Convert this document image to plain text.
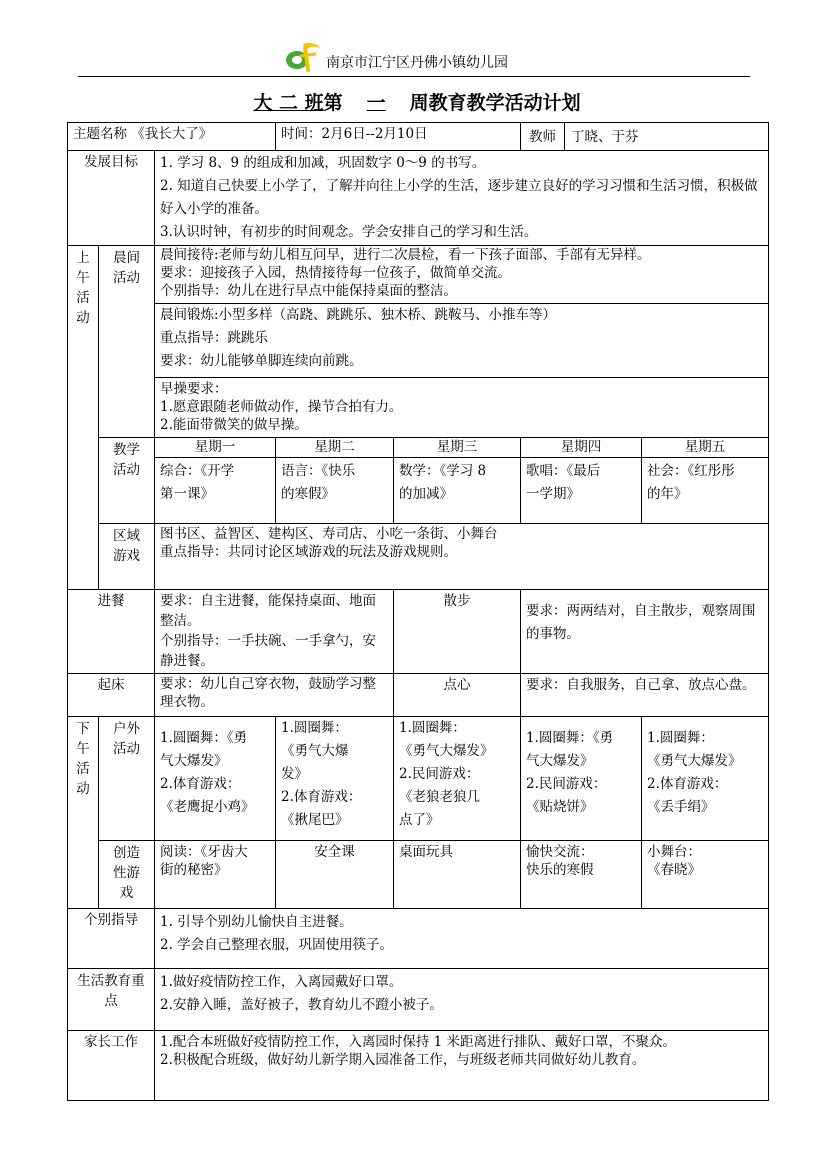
南京市江宁区丹佛小镇幼儿园
大 二 班第 一 周教育教学活动计划
主题名称 《我长大了》			时间：2月6日--2月10日		教师 丁晓、于芬	

发展目标		1. 学习 8、9 的组成和加减，巩固数字 0～9 的书写。
2. 知道自己快要上小学了，了解并向往上小学的生活，逐步建立良好的学习习惯和生活习惯，积极做好入小学的准备。
3.认识时钟，有初步的时间观念。学会安排自己的学习和生活。				

上午活动	晨间活动	晨间接待:老师与幼儿相互问早，进行二次晨检，看一下孩子面部、手部有无异样。
要求：迎接孩子入园，热情接待每一位孩子，做简单交流。
个别指导：幼儿在进行早点中能保持桌面的整洁。				

		晨间锻炼:小型多样（高跷、跳跳乐、独木桥、跳鞍马、小推车等）
重点指导：跳跳乐
要求：幼儿能够单脚连续向前跳。				

		早操要求：
1.愿意跟随老师做动作，操节合拍有力。
2.能面带微笑的做早操。				

	教学活动	星期一	星期二	星期三	星期四	星期五

		综合：《开学
第一课》	语言：《快乐
的寒假》	数学：《学习 8
的加减》	歌唱：《最后
一学期》	社会：《红彤彤
的年》

	区域游戏	图书区、益智区、建构区、寿司店、小吃一条街、小舞台
重点指导：共同讨论区域游戏的玩法及游戏规则。				

进餐		要求：自主进餐，能保持桌面、地面整洁。
个别指导：一手扶碗、一手拿勺，安静进餐。		散步	要求：两两结对，自主散步，观察周围的事物。	

起床		要求：幼儿自己穿衣物，鼓励学习整理衣物。		点心	要求：自我服务，自己拿、放点心盘。	

下午活动	户外活动	1.圆圈舞：《勇
气大爆发》
2.体育游戏：
《老鹰捉小鸡》	1.圆圈舞：
《勇气大爆
发》
2.体育游戏：
《揪尾巴》	1.圆圈舞：
《勇气大爆发》
2.民间游戏：
《老狼老狼几
点了》	1.圆圈舞：《勇
气大爆发》
2.民间游戏：
《贴烧饼》	1.圆圈舞：
《勇气大爆发》
2.体育游戏：
《丢手绢》

	创造性游戏	阅读：《牙齿大
街的秘密》	安全课	桌面玩具	愉快交流：
快乐的寒假	小舞台：
《春晓》

个别指导		1. 引导个别幼儿愉快自主进餐。
2. 学会自己整理衣服，巩固使用筷子。				

生活教育重 点		1.做好疫情防控工作，入离园戴好口罩。
2.安静入睡，盖好被子，教育幼儿不蹬小被子。				

家长工作		1.配合本班做好疫情防控工作，入离园时保持 1 米距离进行排队、戴好口罩，不聚众。
2.积极配合班级，做好幼儿新学期入园准备工作，与班级老师共同做好幼儿教育。				
